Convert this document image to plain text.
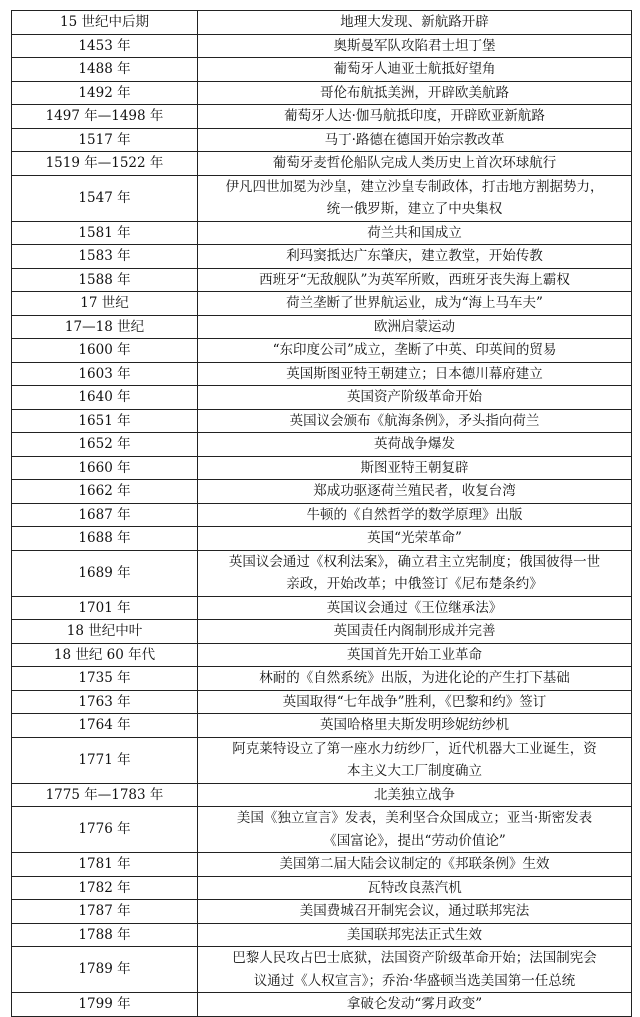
15 世纪中后期	地理大发现、新航路开辟
1453 年	奥斯曼军队攻陷君士坦丁堡
1488 年	葡萄牙人迪亚士航抵好望角
1492 年	哥伦布航抵美洲，开辟欧美航路
1497 年—1498 年	葡萄牙人达·伽马航抵印度，开辟欧亚新航路
1517 年	马丁·路德在德国开始宗教改革
1519 年—1522 年	葡萄牙麦哲伦船队完成人类历史上首次环球航行
1547 年	伊凡四世加冕为沙皇，建立沙皇专制政体，打击地方割据势力，
统一俄罗斯，建立了中央集权

1581 年	荷兰共和国成立
1583 年	利玛窦抵达广东肇庆，建立教堂，开始传教
1588 年	西班牙“无敌舰队”为英军所败，西班牙丧失海上霸权
17 世纪	荷兰垄断了世界航运业，成为“海上马车夫”
17—18 世纪	欧洲启蒙运动
1600 年	“东印度公司”成立，垄断了中英、印英间的贸易
1603 年	英国斯图亚特王朝建立；日本德川幕府建立
1640 年	英国资产阶级革命开始
1651 年	英国议会颁布《航海条例》，矛头指向荷兰
1652 年	英荷战争爆发
1660 年	斯图亚特王朝复辟
1662 年	郑成功驱逐荷兰殖民者，收复台湾
1687 年	牛顿的《自然哲学的数学原理》出版
1688 年	英国“光荣革命”
1689 年	英国议会通过《权利法案》，确立君主立宪制度；俄国彼得一世
亲政，开始改革；中俄签订《尼布楚条约》

1701 年	英国议会通过《王位继承法》
18 世纪中叶	英国责任内阁制形成并完善
18 世纪 60 年代	英国首先开始工业革命
1735 年	林耐的《自然系统》出版，为进化论的产生打下基础
1763 年	英国取得“七年战争”胜利，《巴黎和约》签订
1764 年	英国哈格里夫斯发明珍妮纺纱机
1771 年	阿克莱特设立了第一座水力纺纱厂，近代机器大工业诞生，资
本主义大工厂制度确立

1775 年—1783 年	北美独立战争
1776 年	美国《独立宣言》发表，美利坚合众国成立；亚当·斯密发表
《国富论》，提出“劳动价值论”

1781 年	美国第二届大陆会议制定的《邦联条例》生效
1782 年	瓦特改良蒸汽机
1787 年	美国费城召开制宪会议，通过联邦宪法
1788 年	美国联邦宪法正式生效
1789 年	巴黎人民攻占巴士底狱，法国资产阶级革命开始；法国制宪会
议通过《人权宣言》；乔治·华盛顿当选美国第一任总统

1799 年	拿破仑发动“雾月政变”
